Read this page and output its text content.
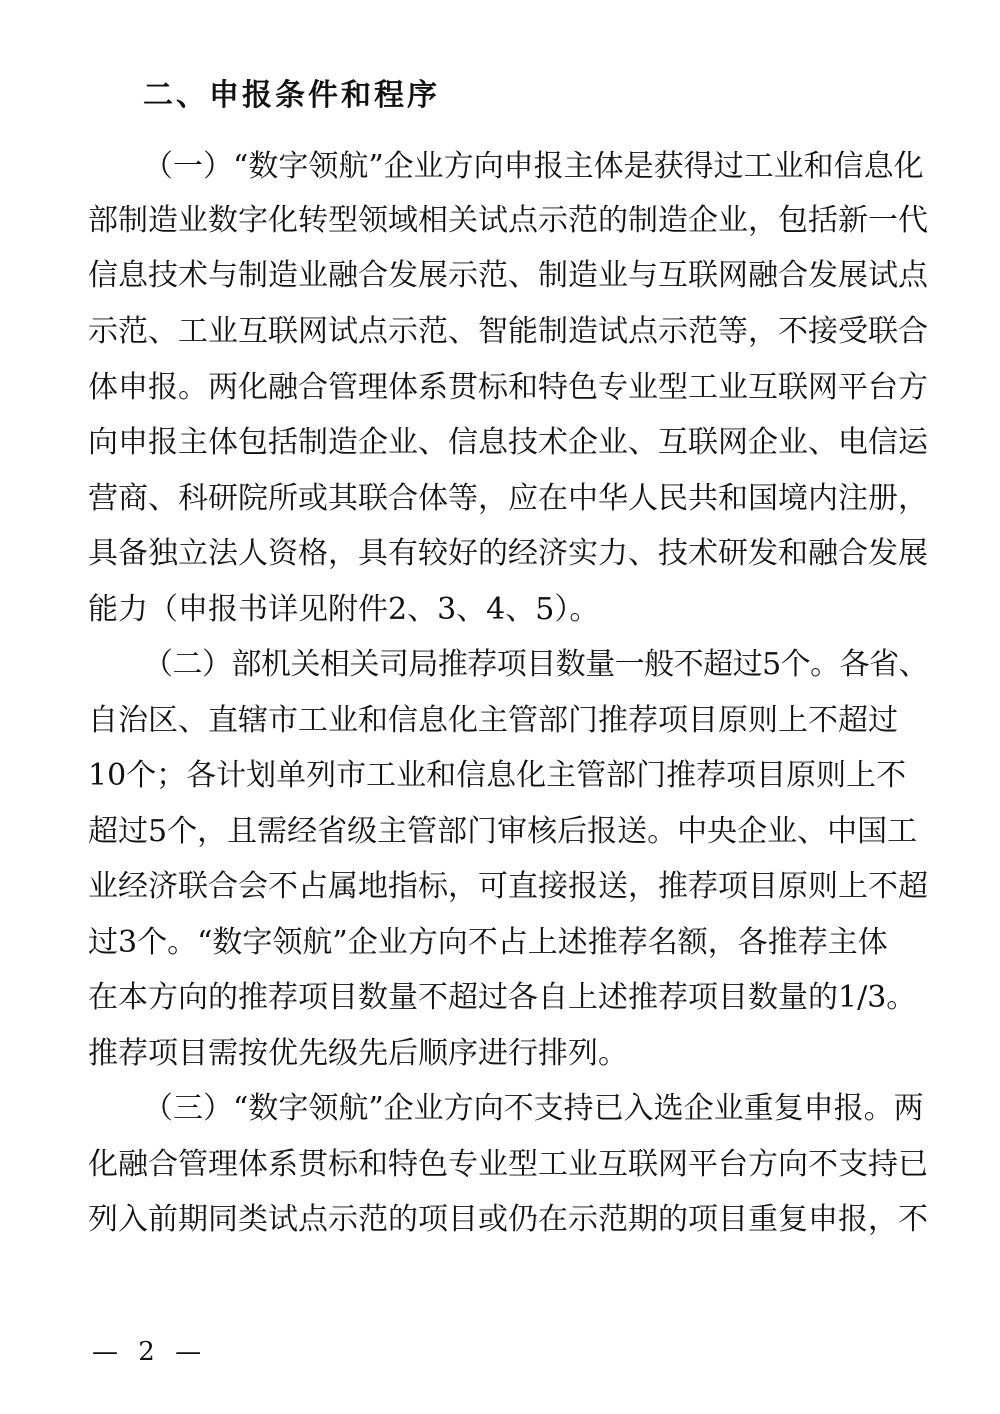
二、申报条件和程序
（一）“数字领航”企业方向申报主体是获得过工业和信息化
部制造业数字化转型领域相关试点示范的制造企业，包括新一代
信息技术与制造业融合发展示范、制造业与互联网融合发展试点
示范、工业互联网试点示范、智能制造试点示范等，不接受联合
体申报。两化融合管理体系贯标和特色专业型工业互联网平台方
向申报主体包括制造企业、信息技术企业、互联网企业、电信运
营商、科研院所或其联合体等，应在中华人民共和国境内注册，
具备独立法人资格，具有较好的经济实力、技术研发和融合发展
能力（申报书详见附件2、3、4、5）。
（二）部机关相关司局推荐项目数量一般不超过5个。各省、
自治区、直辖市工业和信息化主管部门推荐项目原则上不超过
10个；各计划单列市工业和信息化主管部门推荐项目原则上不
超过5个，且需经省级主管部门审核后报送。中央企业、中国工
业经济联合会不占属地指标，可直接报送，推荐项目原则上不超
过3个。“数字领航”企业方向不占上述推荐名额，各推荐主体
在本方向的推荐项目数量不超过各自上述推荐项目数量的1/3。
推荐项目需按优先级先后顺序进行排列。
（三）“数字领航”企业方向不支持已入选企业重复申报。两
化融合管理体系贯标和特色专业型工业互联网平台方向不支持已
列入前期同类试点示范的项目或仍在示范期的项目重复申报，不
— 2 —
